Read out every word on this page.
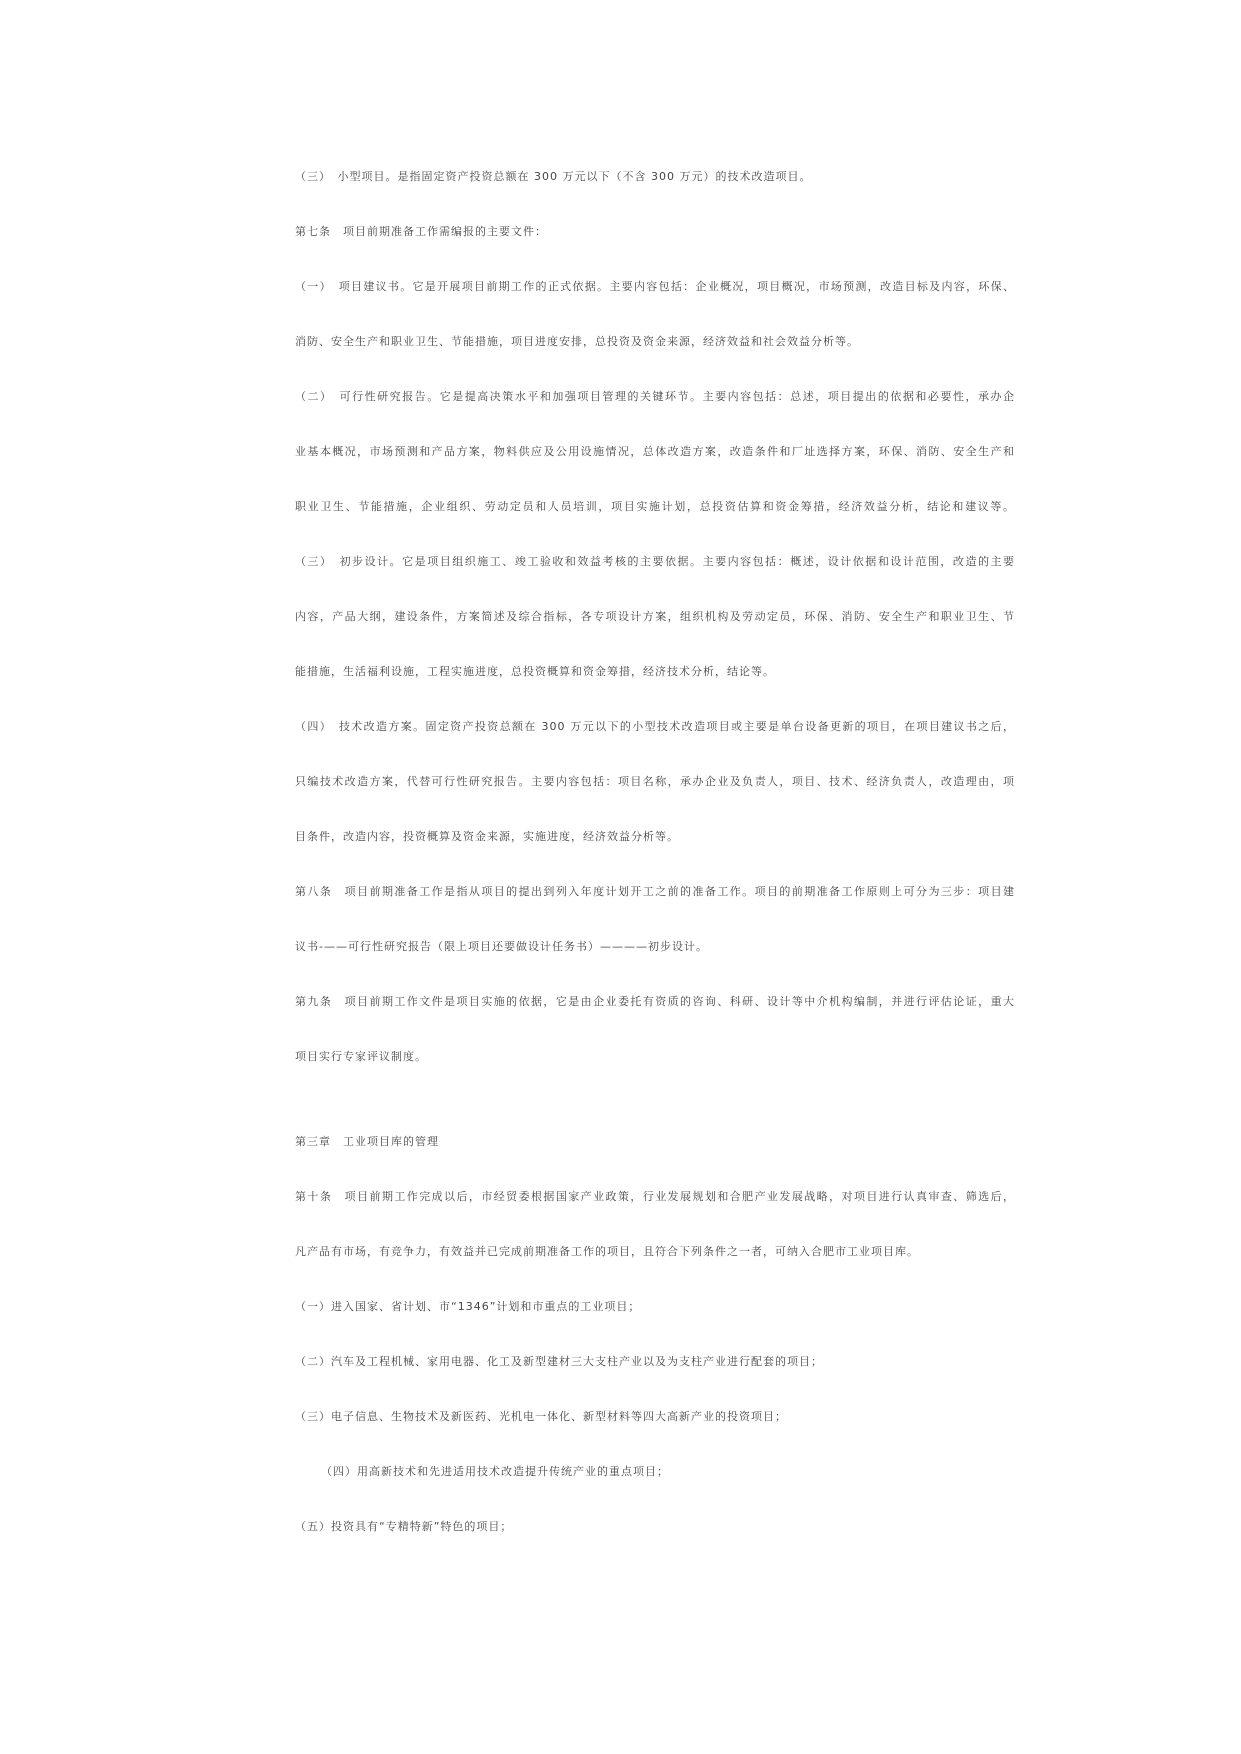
（三）　小型项目。是指固定资产投资总额在 300 万元以下（不含 300 万元）的技术改造项目。
第七条　项目前期准备工作需编报的主要文件：
（一）　项目建议书。它是开展项目前期工作的正式依据。主要内容包括：企业概况，项目概况，市场预测，改造目标及内容，环保、
消防、安全生产和职业卫生、节能措施，项目进度安排，总投资及资金来源，经济效益和社会效益分析等。
（二）　可行性研究报告。它是提高决策水平和加强项目管理的关键环节。主要内容包括：总述，项目提出的依据和必要性，承办企
业基本概况，市场预测和产品方案，物料供应及公用设施情况，总体改造方案，改造条件和厂址选择方案，环保、消防、安全生产和
职业卫生、节能措施，企业组织、劳动定员和人员培训，项目实施计划，总投资估算和资金筹措，经济效益分析，结论和建议等。
（三）　初步设计。它是项目组织施工、竣工验收和效益考核的主要依据。主要内容包括：概述，设计依据和设计范围，改造的主要
内容，产品大纲，建设条件，方案简述及综合指标，各专项设计方案，组织机构及劳动定员，环保、消防、安全生产和职业卫生、节
能措施，生活福利设施，工程实施进度，总投资概算和资金筹措，经济技术分析，结论等。
（四）　技术改造方案。固定资产投资总额在 300 万元以下的小型技术改造项目或主要是单台设备更新的项目，在项目建议书之后，
只编技术改造方案，代替可行性研究报告。主要内容包括：项目名称，承办企业及负责人，项目、技术、经济负责人，改造理由，项
目条件，改造内容，投资概算及资金来源，实施进度，经济效益分析等。
第八条　项目前期准备工作是指从项目的提出到列入年度计划开工之前的准备工作。项目的前期准备工作原则上可分为三步：项目建
议书-——可行性研究报告（限上项目还要做设计任务书）————初步设计。
第九条　项目前期工作文件是项目实施的依据，它是由企业委托有资质的咨询、科研、设计等中介机构编制，并进行评估论证，重大
项目实行专家评议制度。
第三章　工业项目库的管理
第十条　项目前期工作完成以后，市经贸委根据国家产业政策，行业发展规划和合肥产业发展战略，对项目进行认真审查、筛选后，
凡产品有市场，有竞争力，有效益并已完成前期准备工作的项目，且符合下列条件之一者，可纳入合肥市工业项目库。
（一）进入国家、省计划、市“1346”计划和市重点的工业项目；
（二）汽车及工程机械、家用电器、化工及新型建材三大支柱产业以及为支柱产业进行配套的项目；
（三）电子信息、生物技术及新医药、光机电一体化、新型材料等四大高新产业的投资项目；
（四）用高新技术和先进适用技术改造提升传统产业的重点项目；
（五）投资具有“专精特新”特色的项目；
